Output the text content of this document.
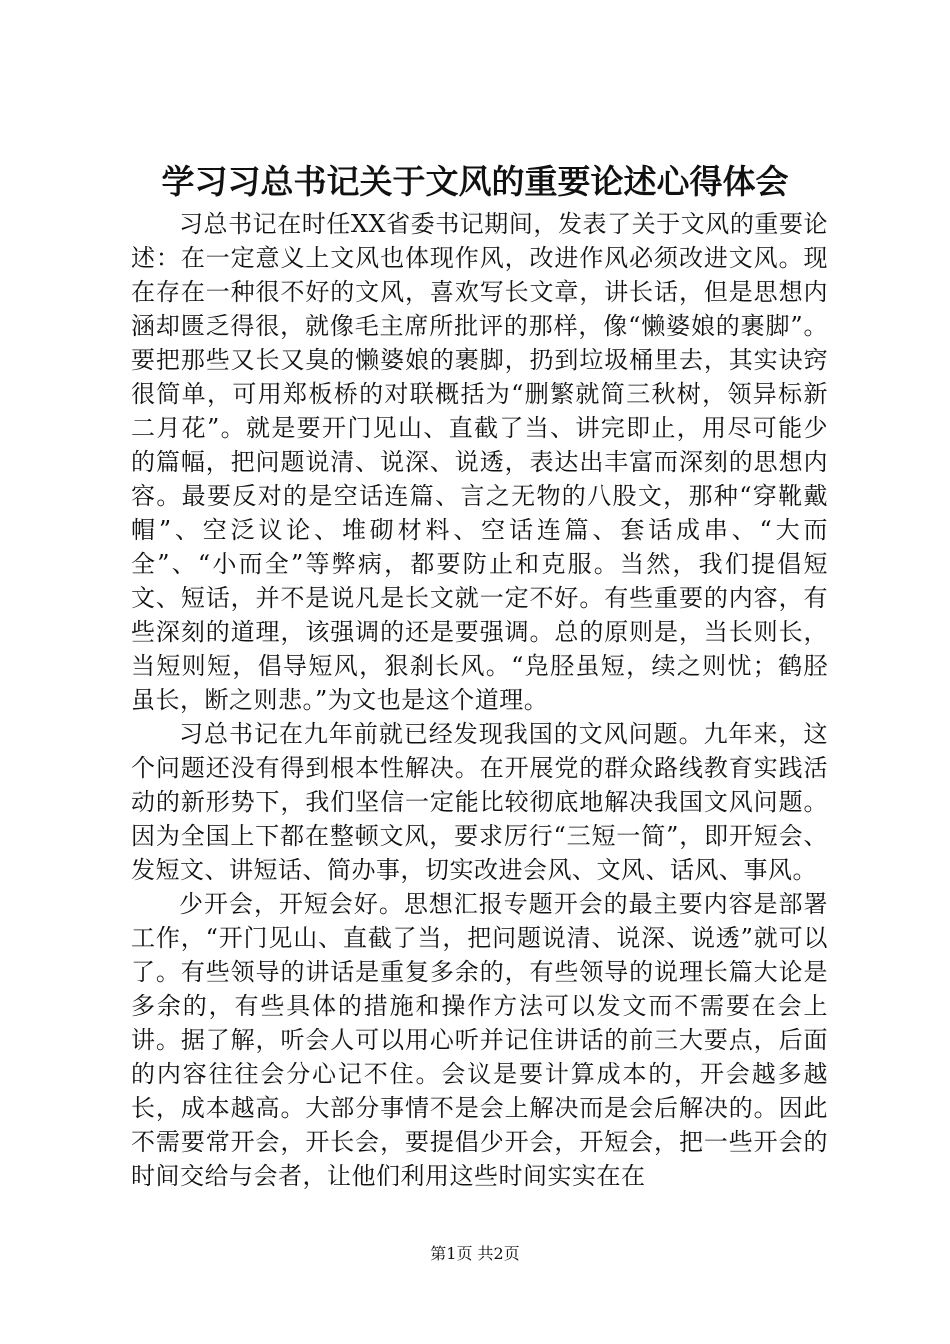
学习习总书记关于文风的重要论述心得体会

习总书记在时任XX省委书记期间，发表了关于文风的重要论述：在一定意义上文风也体现作风，改进作风必须改进文风。现在存在一种很不好的文风，喜欢写长文章，讲长话，但是思想内涵却匮乏得很，就像毛主席所批评的那样，像“懒婆娘的裹脚”。要把那些又长又臭的懒婆娘的裹脚，扔到垃圾桶里去，其实诀窍很简单，可用郑板桥的对联概括为“删繁就简三秋树，领异标新二月花”。就是要开门见山、直截了当、讲完即止，用尽可能少的篇幅，把问题说清、说深、说透，表达出丰富而深刻的思想内容。最要反对的是空话连篇、言之无物的八股文，那种“穿靴戴帽”、空泛议论、堆砌材料、空话连篇、套话成串、“大而全”、“小而全”等弊病，都要防止和克服。当然，我们提倡短文、短话，并不是说凡是长文就一定不好。有些重要的内容，有些深刻的道理，该强调的还是要强调。总的原则是，当长则长，当短则短，倡导短风，狠刹长风。“凫胫虽短，续之则忧；鹤胫虽长，断之则悲。”为文也是这个道理。

习总书记在九年前就已经发现我国的文风问题。九年来，这个问题还没有得到根本性解决。在开展党的群众路线教育实践活动的新形势下，我们坚信一定能比较彻底地解决我国文风问题。因为全国上下都在整顿文风，要求厉行“三短一简”，即开短会、发短文、讲短话、简办事，切实改进会风、文风、话风、事风。

少开会，开短会好。思想汇报专题开会的最主要内容是部署工作，“开门见山、直截了当，把问题说清、说深、说透”就可以了。有些领导的讲话是重复多余的，有些领导的说理长篇大论是多余的，有些具体的措施和操作方法可以发文而不需要在会上讲。据了解，听会人可以用心听并记住讲话的前三大要点，后面的内容往往会分心记不住。会议是要计算成本的，开会越多越长，成本越高。大部分事情不是会上解决而是会后解决的。因此不需要常开会，开长会，要提倡少开会，开短会，把一些开会的时间交给与会者，让他们利用这些时间实实在在

第1页 共2页
